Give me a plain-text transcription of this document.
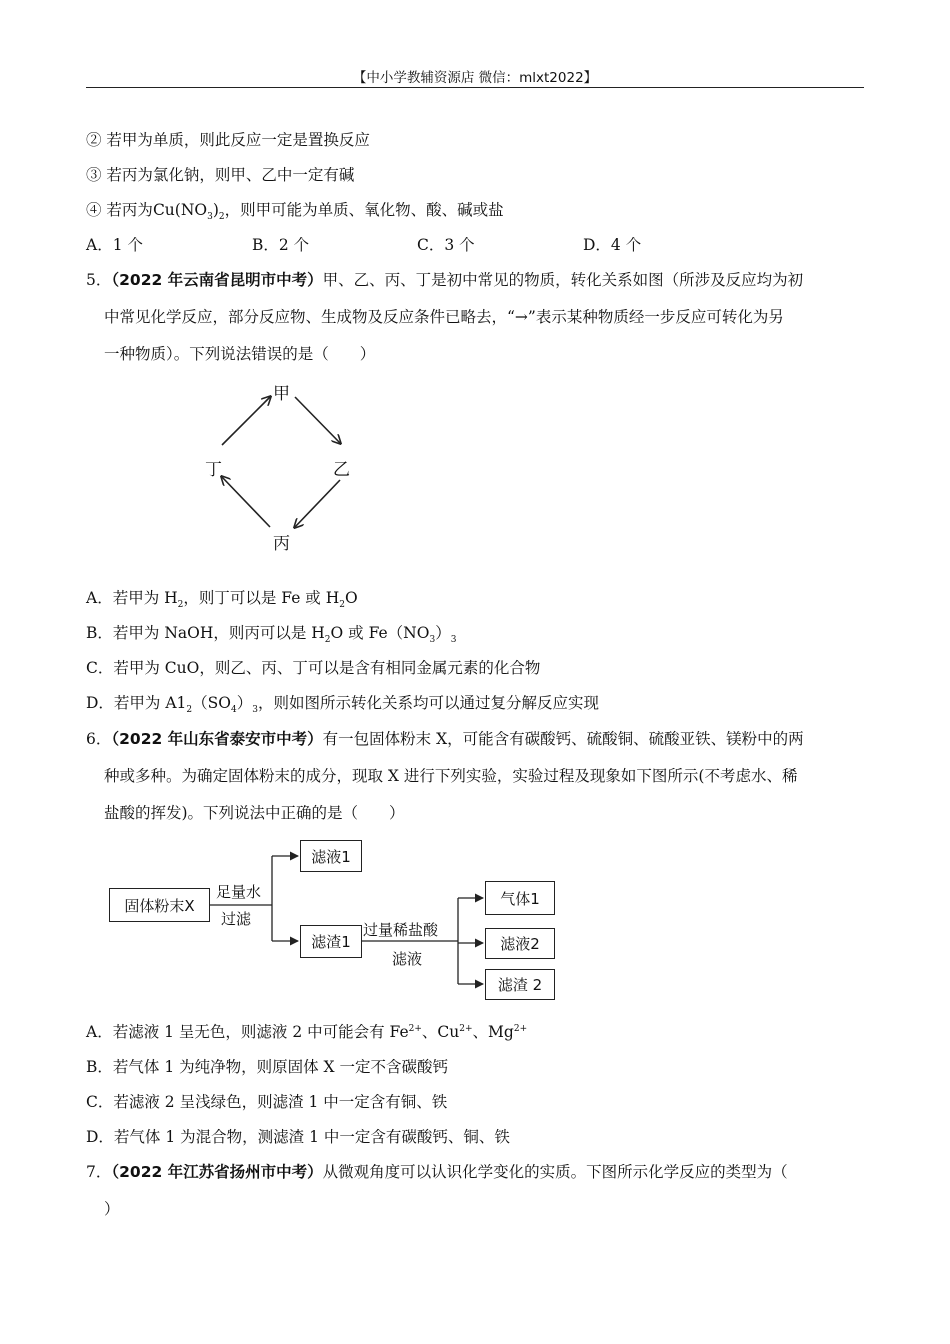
【中小学教辅资源店 微信：mlxt2022】
② 若甲为单质，则此反应一定是置换反应
③ 若丙为氯化钠，则甲、乙中一定有碱
④ 若丙为$Cu(NO_3)_2$，则甲可能为单质、氧化物、酸、碱或盐
A．1 个	B．2 个	C．3 个	D．4 个
5．（2022 年云南省昆明市中考）甲、乙、丙、丁是初中常见的物质，转化关系如图（所涉及反应均为初
中常见化学反应，部分反应物、生成物及反应条件已略去，“→”表示某种物质经一步反应可转化为另
一种物质）。下列说法错误的是（　　）
甲
乙
丙
丁
A．若甲为 $H_2$，则丁可以是 Fe 或 $H_2O$
B．若甲为 NaOH，则丙可以是 $H_2O$ 或 $Fe(NO_3)_3$
C．若甲为 CuO，则乙、丙、丁可以是含有相同金属元素的化合物
D．若甲为 $A1_2(SO_4)_3$，则如图所示转化关系均可以通过复分解反应实现
6．（2022 年山东省泰安市中考）有一包固体粉末 X，可能含有碳酸钙、硫酸铜、硫酸亚铁、镁粉中的两
种或多种。为确定固体粉末的成分，现取 X 进行下列实验，实验过程及现象如下图所示(不考虑水、稀
盐酸的挥发)。下列说法中正确的是（　　）
固体粉末X
足量水
过滤
滤液1
滤渣1
过量稀盐酸
滤液
气体1
滤液2
滤渣 2
A．若滤液 1 呈无色，则滤液 2 中可能会有 $Fe^{2+}$、$Cu^{2+}$、$Mg^{2+}$
B．若气体 1 为纯净物，则原固体 X 一定不含碳酸钙
C．若滤液 2 呈浅绿色，则滤渣 1 中一定含有铜、铁
D．若气体 1 为混合物，测滤渣 1 中一定含有碳酸钙、铜、铁
7．（2022 年江苏省扬州市中考）从微观角度可以认识化学变化的实质。下图所示化学反应的类型为（
）
